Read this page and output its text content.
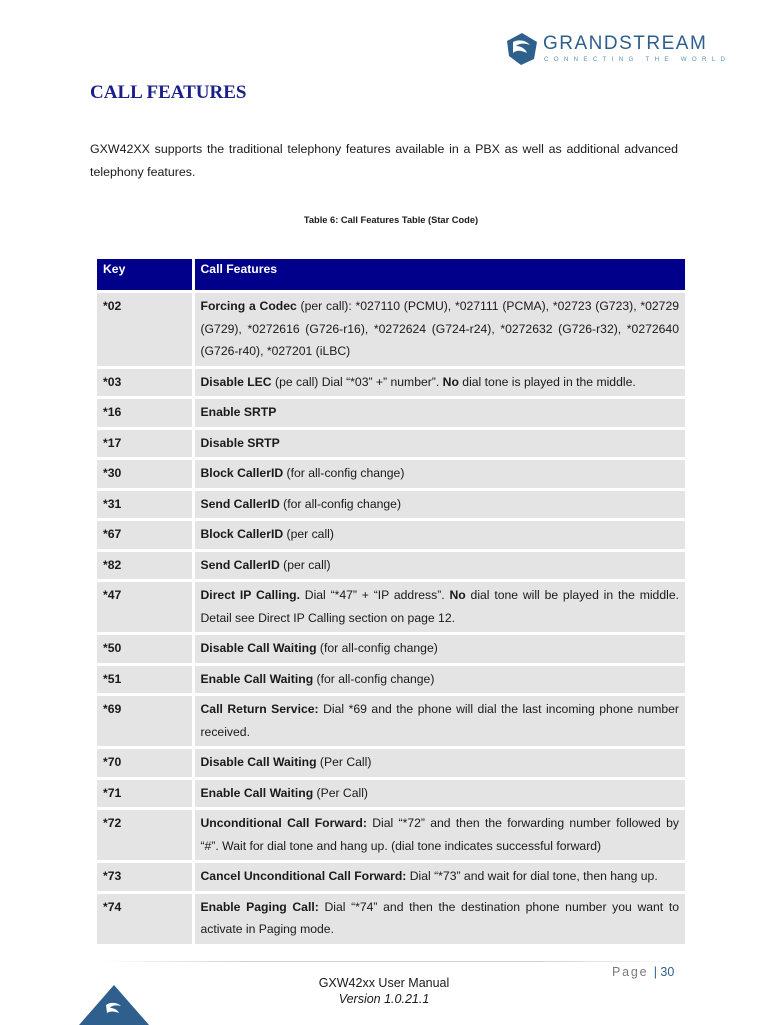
GRANDSTREAM
CONNECTING THE WORLD
CALL FEATURES

GXW42XX supports the traditional telephony features available in a PBX as well as additional advanced telephony features.

Table 6: Call Features Table (Star Code)
Key	Call Features
*02	Forcing a Codec (per call): *027110 (PCMU), *027111 (PCMA), *02723 (G723), *02729 (G729), *0272616 (G726-r16), *0272624 (G724-r24), *0272632 (G726-r32), *0272640 (G726-r40), *027201 (iLBC)
*03	Disable LEC (pe call) Dial “*03” +” number”. No dial tone is played in the middle.
*16	Enable SRTP
*17	Disable SRTP
*30	Block CallerID (for all-config change)
*31	Send CallerID (for all-config change)
*67	Block CallerID (per call)
*82	Send CallerID (per call)
*47	Direct IP Calling. Dial “*47” + “IP address”. No dial tone will be played in the middle. Detail see Direct IP Calling section on page 12.
*50	Disable Call Waiting (for all-config change)
*51	Enable Call Waiting (for all-config change)
*69	Call Return Service: Dial *69 and the phone will dial the last incoming phone number received.
*70	Disable Call Waiting (Per Call)
*71	Enable Call Waiting (Per Call)
*72	Unconditional Call Forward: Dial “*72” and then the forwarding number followed by “#”. Wait for dial tone and hang up. (dial tone indicates successful forward)
*73	Cancel Unconditional Call Forward: Dial “*73” and wait for dial tone, then hang up.
*74	Enable Paging Call: Dial “*74” and then the destination phone number you want to activate in Paging mode.
Page | 30
GXW42xx User Manual
Version 1.0.21.1
